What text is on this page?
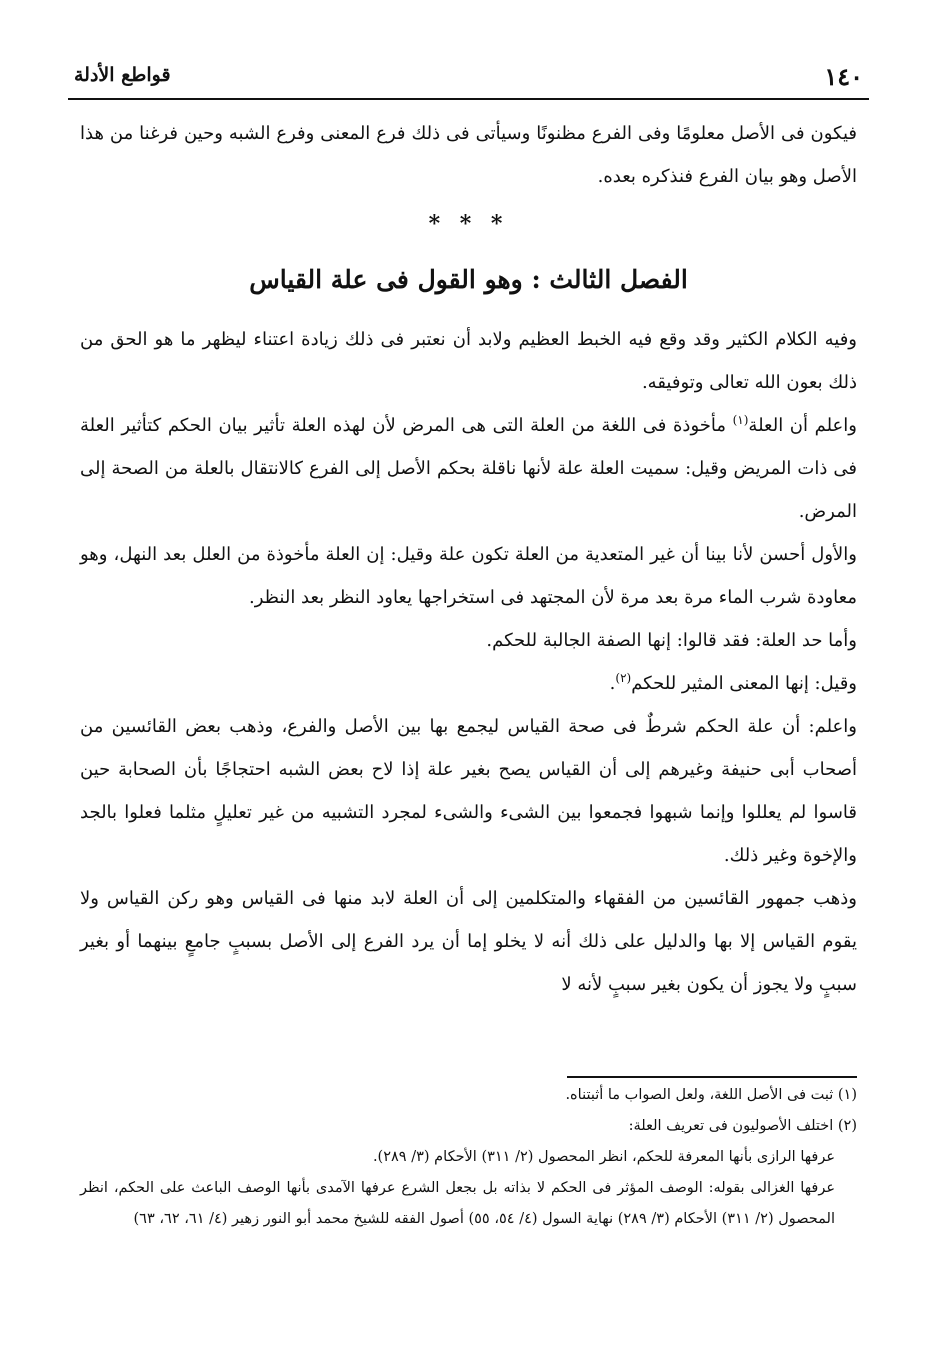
١٤٠
قواطع الأدلة

فيكون فى الأصل معلومًا وفى الفرع مظنونًا وسيأتى فى ذلك فرع المعنى وفرع الشبه وحين فرغنا من هذا الأصل وهو بيان الفرع فنذكره بعده.

* * *
الفصل الثالث : وهو القول فى علة القياس

وفيه الكلام الكثير وقد وقع فيه الخبط العظيم ولابد أن نعتبر فى ذلك زيادة اعتناء ليظهر ما هو الحق من ذلك بعون الله تعالى وتوفيقه.

واعلم أن العلة$^{(١)}$ مأخوذة فى اللغة من العلة التى هى المرض لأن لهذه العلة تأثير بيان الحكم كتأثير العلة فى ذات المريض وقيل: سميت العلة علة لأنها ناقلة بحكم الأصل إلى الفرع كالانتقال بالعلة من الصحة إلى المرض.

والأول أحسن لأنا بينا أن غير المتعدية من العلة تكون علة وقيل: إن العلة مأخوذة من العلل بعد النهل، وهو معاودة شرب الماء مرة بعد مرة لأن المجتهد فى استخراجها يعاود النظر بعد النظر.

وأما حد العلة: فقد قالوا: إنها الصفة الجالبة للحكم.

وقيل: إنها المعنى المثير للحكم$^{(٢)}$.

واعلم: أن علة الحكم شرطٌ فى صحة القياس ليجمع بها بين الأصل والفرع، وذهب بعض القائسين من أصحاب أبى حنيفة وغيرهم إلى أن القياس يصح بغير علة إذا لاح بعض الشبه احتجاجًا بأن الصحابة حين قاسوا لم يعللوا وإنما شبهوا فجمعوا بين الشىء والشىء لمجرد التشبيه من غير تعليلٍ مثلما فعلوا بالجد والإخوة وغير ذلك.

وذهب جمهور القائسين من الفقهاء والمتكلمين إلى أن العلة لابد منها فى القياس وهو ركن القياس ولا يقوم القياس إلا بها والدليل على ذلك أنه لا يخلو إما أن يرد الفرع إلى الأصل بسببٍ جامعٍ بينهما أو بغير سببٍ ولا يجوز أن يكون بغير سببٍ لأنه لا

(١) ثبت فى الأصل اللغة، ولعل الصواب ما أثبتناه.

(٢) اختلف الأصوليون فى تعريف العلة:

عرفها الرازى بأنها المعرفة للحكم، انظر المحصول (٢/ ٣١١) الأحكام (٣/ ٢٨٩).

عرفها الغزالى بقوله: الوصف المؤثر فى الحكم لا بذاته بل بجعل الشرع عرفها الآمدى بأنها الوصف الباعث على الحكم، انظر المحصول (٢/ ٣١١) الأحكام (٣/ ٢٨٩) نهاية السول (٤/ ٥٤، ٥٥) أصول الفقه للشيخ محمد أبو النور زهير (٤/ ٦١، ٦٢، ٦٣)
